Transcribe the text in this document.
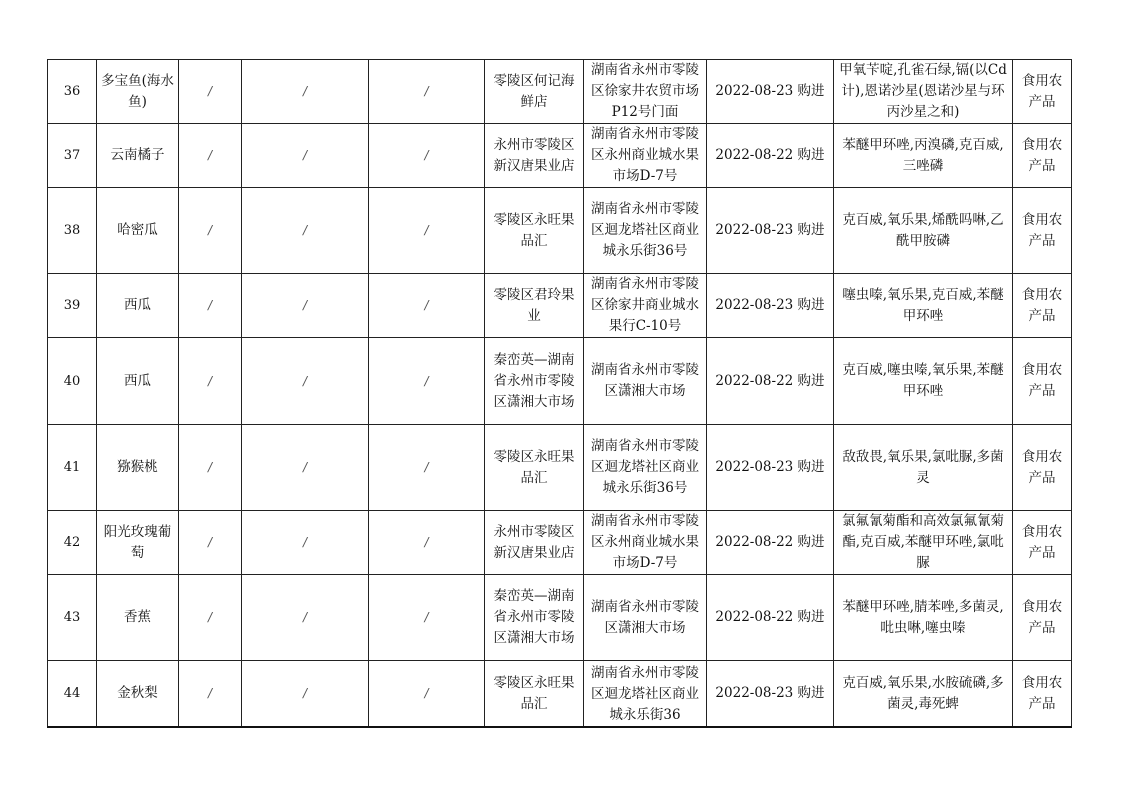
36	多宝鱼(海水鱼)	/	/	/	零陵区何记海鲜店	湖南省永州市零陵区徐家井农贸市场P12号门面	2022-08-23 购进	甲氧苄啶,孔雀石绿,镉(以Cd计),恩诺沙星(恩诺沙星与环丙沙星之和)	食用农产品
37	云南橘子	/	/	/	永州市零陵区新汉唐果业店	湖南省永州市零陵区永州商业城水果市场D-7号	2022-08-22 购进	苯醚甲环唑,丙溴磷,克百威,三唑磷	食用农产品
38	哈密瓜	/	/	/	零陵区永旺果品汇	湖南省永州市零陵区迴龙塔社区商业城永乐街36号	2022-08-23 购进	克百威,氧乐果,烯酰吗啉,乙酰甲胺磷	食用农产品
39	西瓜	/	/	/	零陵区君玲果业	湖南省永州市零陵区徐家井商业城水果行C-10号	2022-08-23 购进	噻虫嗪,氧乐果,克百威,苯醚甲环唑	食用农产品
40	西瓜	/	/	/	秦峦英—湖南省永州市零陵区潇湘大市场	湖南省永州市零陵区潇湘大市场	2022-08-22 购进	克百威,噻虫嗪,氧乐果,苯醚甲环唑	食用农产品
41	猕猴桃	/	/	/	零陵区永旺果品汇	湖南省永州市零陵区迴龙塔社区商业城永乐街36号	2022-08-23 购进	敌敌畏,氧乐果,氯吡脲,多菌灵	食用农产品
42	阳光玫瑰葡萄	/	/	/	永州市零陵区新汉唐果业店	湖南省永州市零陵区永州商业城水果市场D-7号	2022-08-22 购进	氯氟氰菊酯和高效氯氟氰菊酯,克百威,苯醚甲环唑,氯吡脲	食用农产品
43	香蕉	/	/	/	秦峦英—湖南省永州市零陵区潇湘大市场	湖南省永州市零陵区潇湘大市场	2022-08-22 购进	苯醚甲环唑,腈苯唑,多菌灵,吡虫啉,噻虫嗪	食用农产品
44	金秋梨	/	/	/	零陵区永旺果品汇	湖南省永州市零陵区迴龙塔社区商业城永乐街36	2022-08-23 购进	克百威,氧乐果,水胺硫磷,多菌灵,毒死蜱	食用农产品
